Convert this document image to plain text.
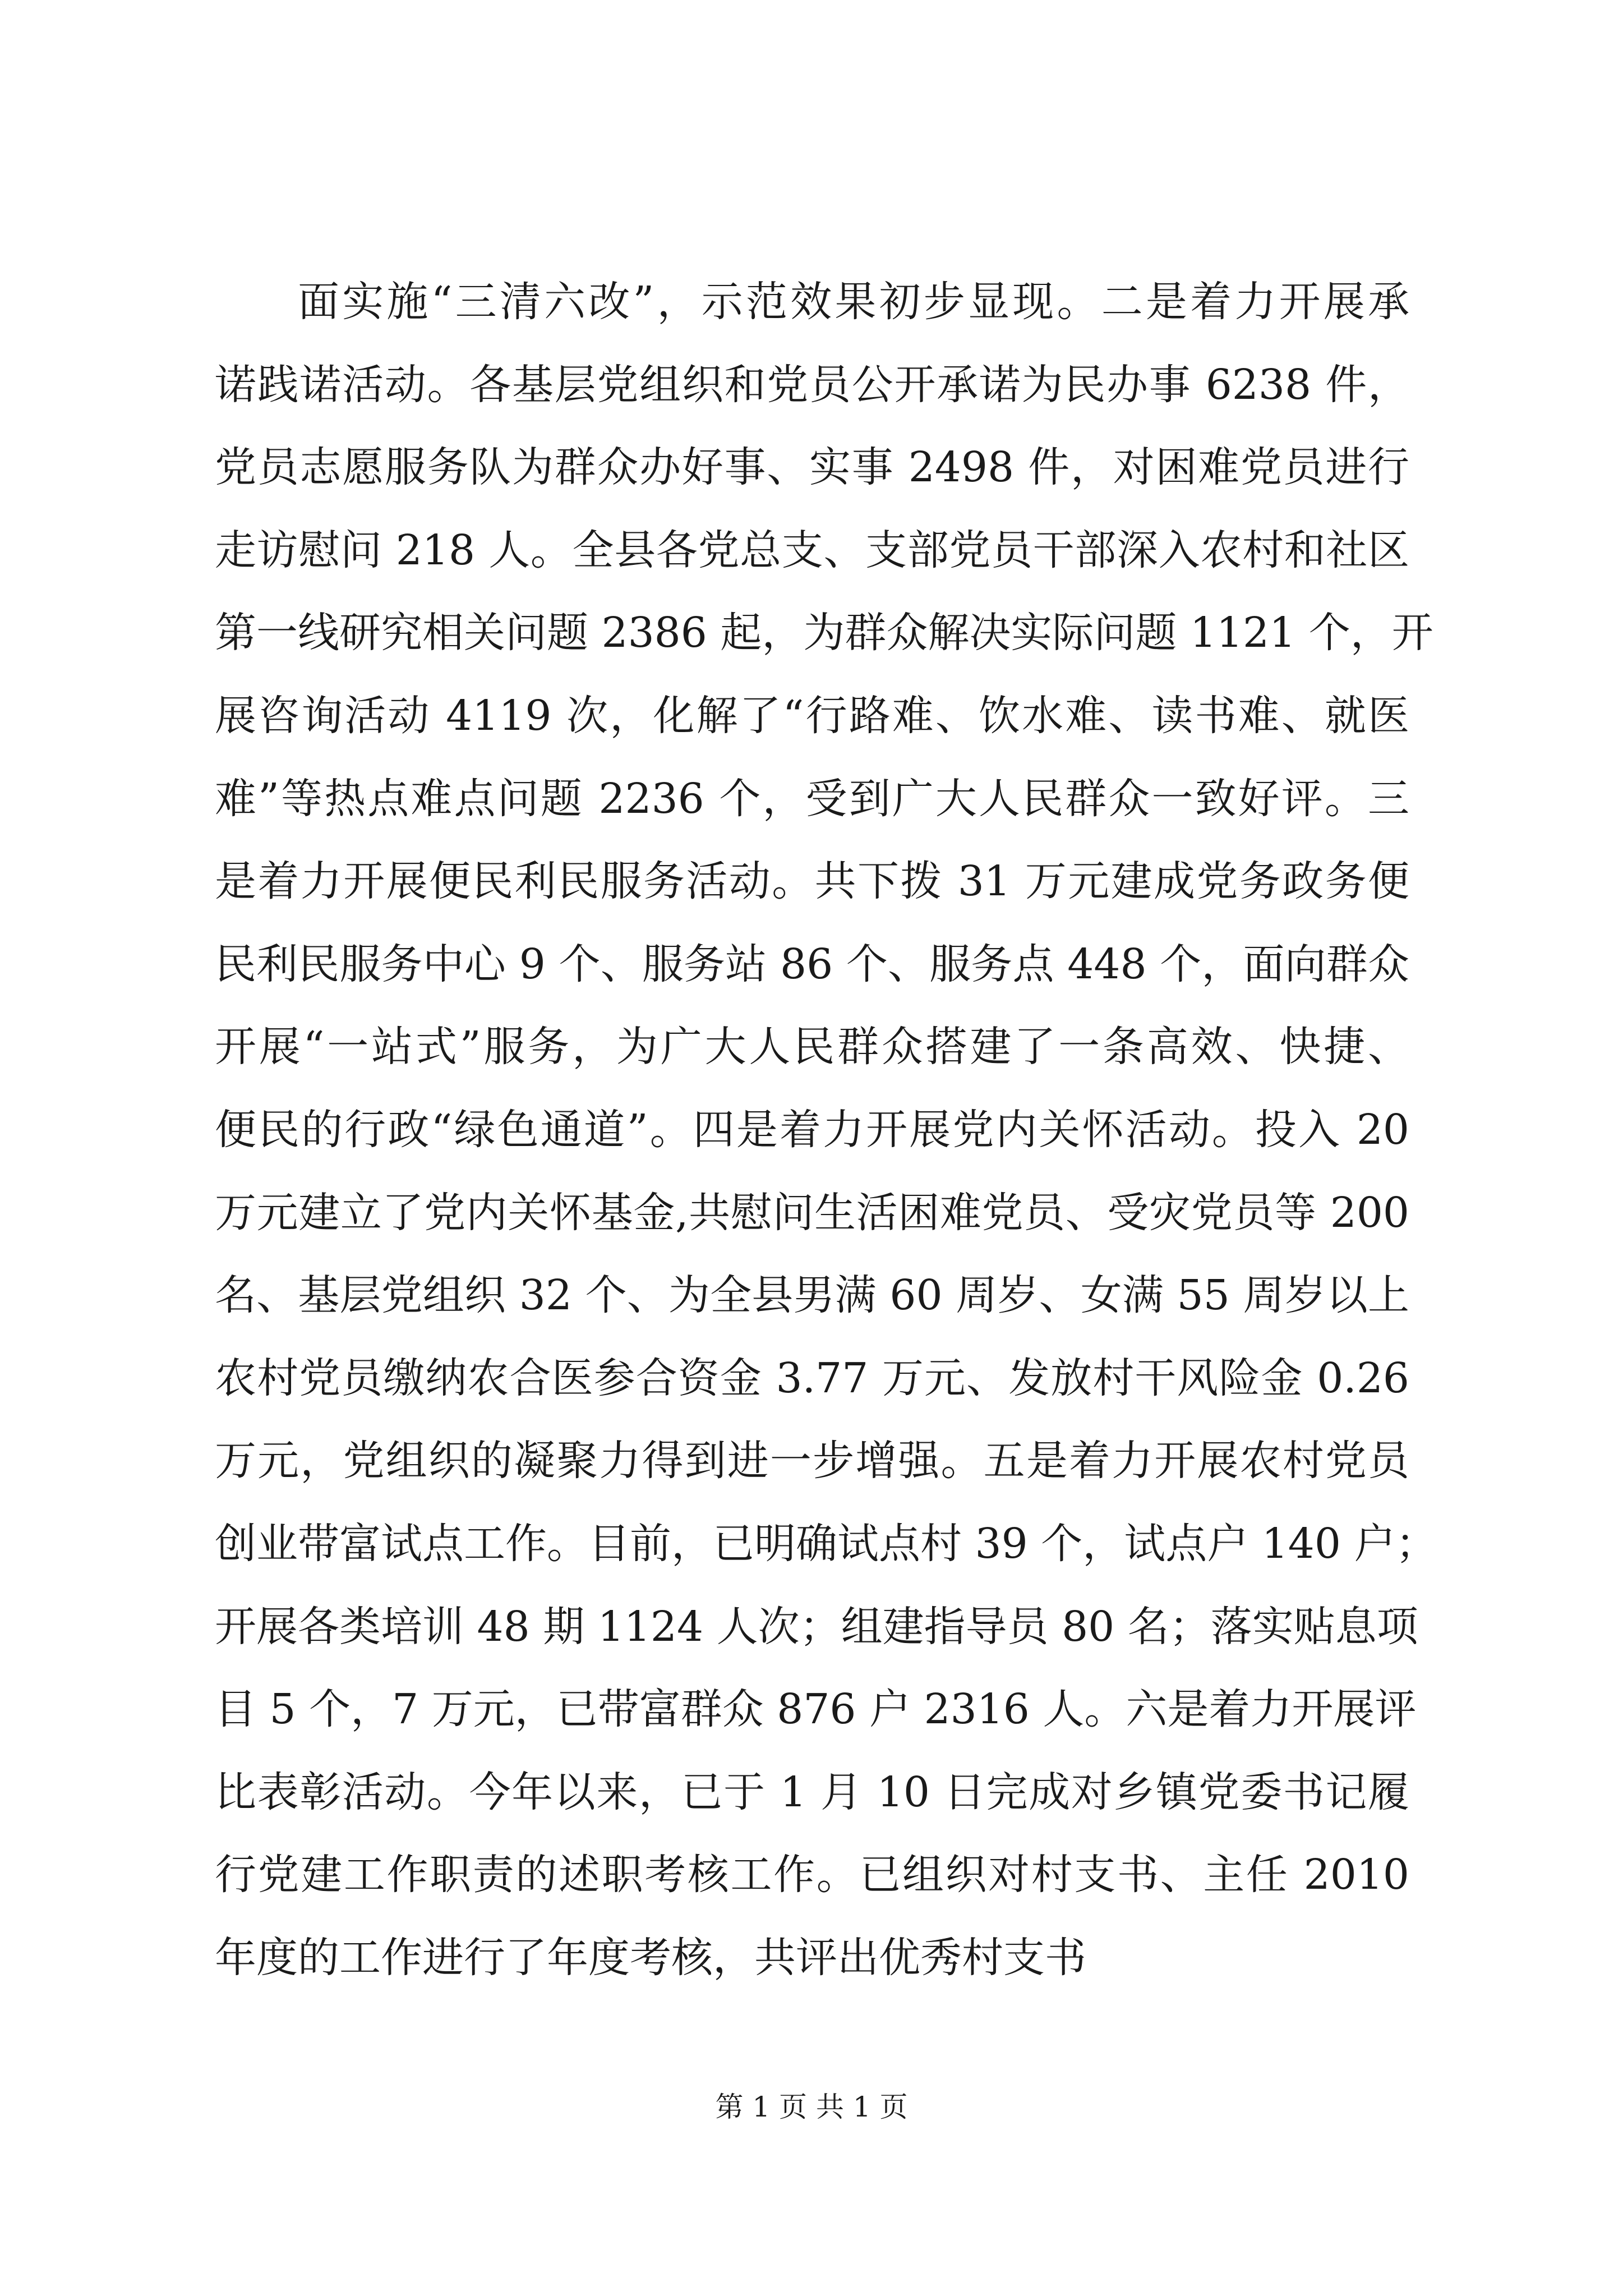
面实施“三清六改”，示范效果初步显现。二是着力开展承
诺践诺活动。各基层党组织和党员公开承诺为民办事 6238 件，
党员志愿服务队为群众办好事、实事 2498 件，对困难党员进行
走访慰问 218 人。全县各党总支、支部党员干部深入农村和社区
第一线研究相关问题 2386 起，为群众解决实际问题 1121 个，开
展咨询活动 4119 次，化解了“行路难、饮水难、读书难、就医
难”等热点难点问题 2236 个，受到广大人民群众一致好评。三
是着力开展便民利民服务活动。共下拨 31 万元建成党务政务便
民利民服务中心 9 个、服务站 86 个、服务点 448 个，面向群众
开展“一站式”服务，为广大人民群众搭建了一条高效、快捷、
便民的行政“绿色通道”。四是着力开展党内关怀活动。投入 20
万元建立了党内关怀基金,共慰问生活困难党员、受灾党员等 200
名、基层党组织 32 个、为全县男满 60 周岁、女满 55 周岁以上
农村党员缴纳农合医参合资金 3.77 万元、发放村干风险金 0.26
万元，党组织的凝聚力得到进一步增强。五是着力开展农村党员
创业带富试点工作。目前，已明确试点村 39 个，试点户 140 户；
开展各类培训 48 期 1124 人次；组建指导员 80 名；落实贴息项
目 5 个，7 万元，已带富群众 876 户 2316 人。六是着力开展评
比表彰活动。今年以来，已于 1 月 10 日完成对乡镇党委书记履
行党建工作职责的述职考核工作。已组织对村支书、主任 2010
年度的工作进行了年度考核，共评出优秀村支书
第 1 页 共 1 页
